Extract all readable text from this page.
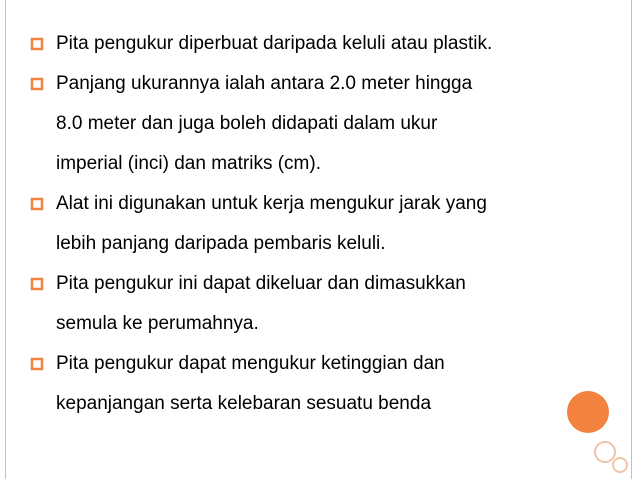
Pita pengukur diperbuat daripada keluli atau plastik.
Panjang ukurannya ialah antara 2.0 meter hingga
8.0 meter dan juga boleh didapati dalam ukur
imperial (inci) dan matriks (cm).
Alat ini digunakan untuk kerja mengukur jarak yang
lebih panjang daripada pembaris keluli.
Pita pengukur ini dapat dikeluar dan dimasukkan
semula ke perumahnya.
Pita pengukur dapat mengukur ketinggian dan
kepanjangan serta kelebaran sesuatu benda
